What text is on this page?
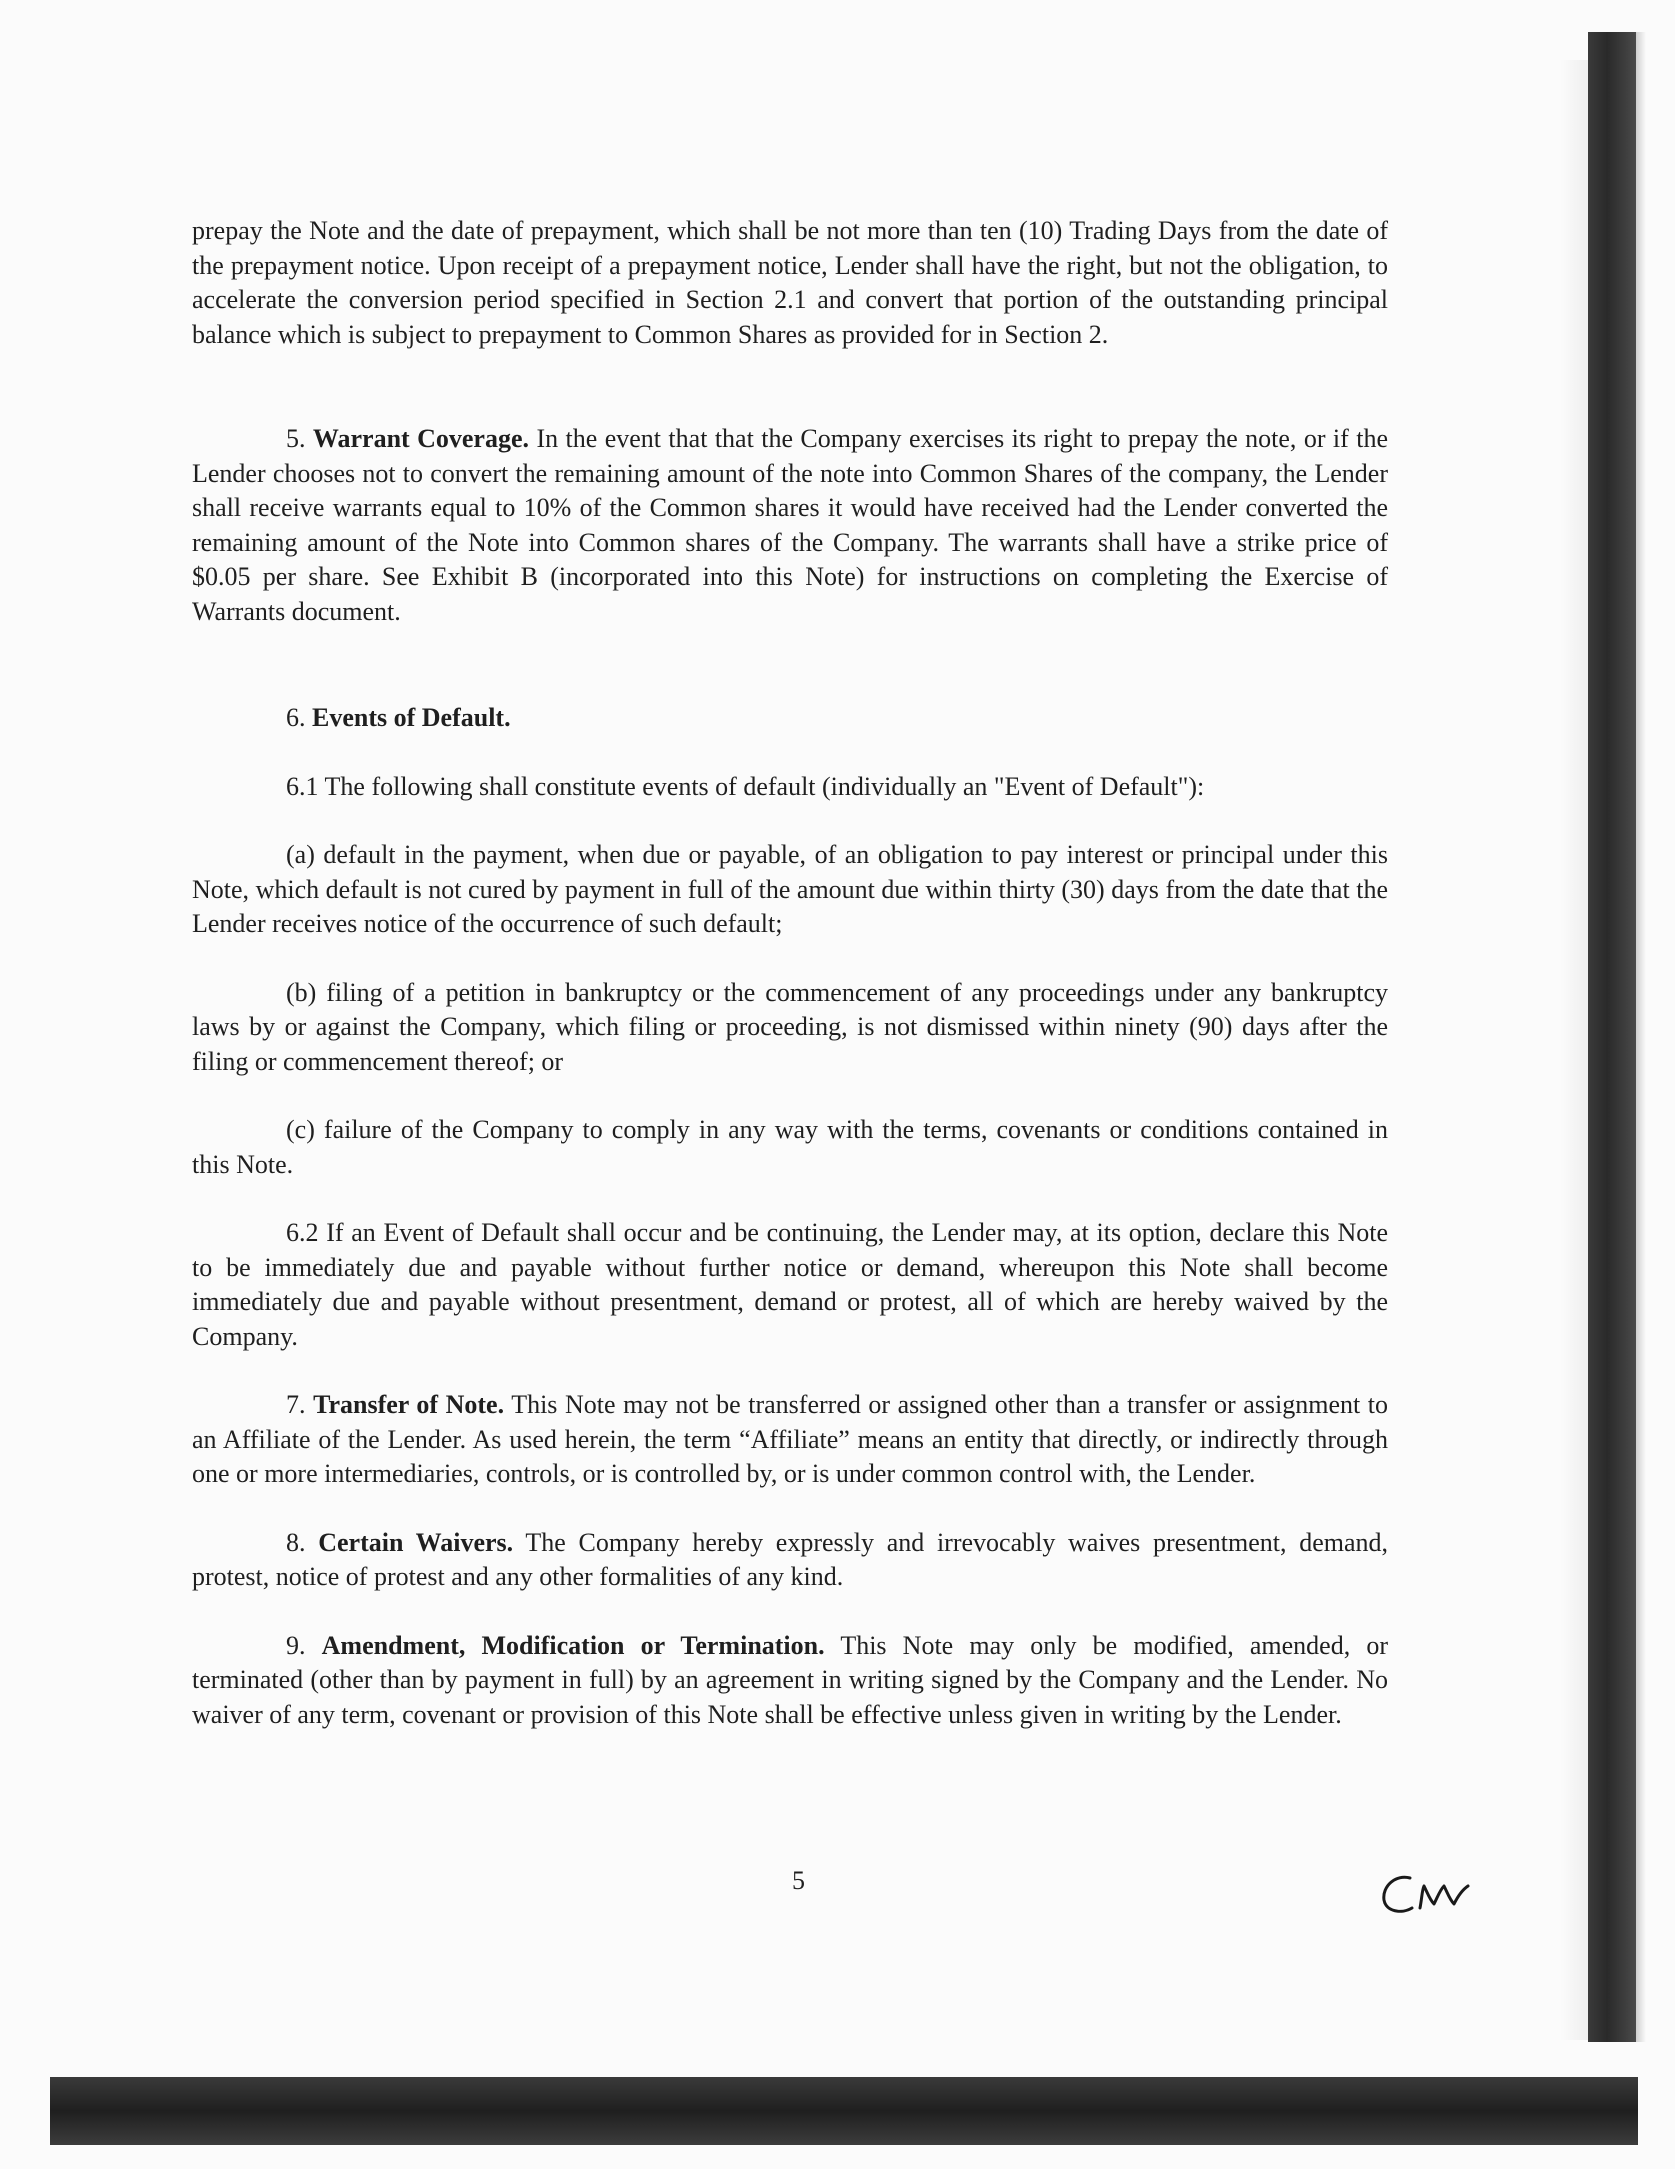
prepay the Note and the date of prepayment, which shall be not more than ten (10) Trading Days from the date of the prepayment notice. Upon receipt of a prepayment notice, Lender shall have the right, but not the obligation, to accelerate the conversion period specified in Section 2.1 and convert that portion of the outstanding principal balance which is subject to prepayment to Common Shares as provided for in Section 2.

5. Warrant Coverage. In the event that that the Company exercises its right to prepay the note, or if the Lender chooses not to convert the remaining amount of the note into Common Shares of the company, the Lender shall receive warrants equal to 10% of the Common shares it would have received had the Lender converted the remaining amount of the Note into Common shares of the Company. The warrants shall have a strike price of $0.05 per share. See Exhibit B (incorporated into this Note) for instructions on completing the Exercise of Warrants document.

6. Events of Default.

6.1 The following shall constitute events of default (individually an "Event of Default"):

(a) default in the payment, when due or payable, of an obligation to pay interest or principal under this Note, which default is not cured by payment in full of the amount due within thirty (30) days from the date that the Lender receives notice of the occurrence of such default;

(b) filing of a petition in bankruptcy or the commencement of any proceedings under any bankruptcy laws by or against the Company, which filing or proceeding, is not dismissed within ninety (90) days after the filing or commencement thereof; or

(c) failure of the Company to comply in any way with the terms, covenants or conditions contained in this Note.

6.2 If an Event of Default shall occur and be continuing, the Lender may, at its option, declare this Note to be immediately due and payable without further notice or demand, whereupon this Note shall become immediately due and payable without presentment, demand or protest, all of which are hereby waived by the Company.

7. Transfer of Note. This Note may not be transferred or assigned other than a transfer or assignment to an Affiliate of the Lender. As used herein, the term “Affiliate” means an entity that directly, or indirectly through one or more intermediaries, controls, or is controlled by, or is under common control with, the Lender.

8. Certain Waivers. The Company hereby expressly and irrevocably waives presentment, demand, protest, notice of protest and any other formalities of any kind.

9. Amendment, Modification or Termination. This Note may only be modified, amended, or terminated (other than by payment in full) by an agreement in writing signed by the Company and the Lender. No waiver of any term, covenant or provision of this Note shall be effective unless given in writing by the Lender.

5
